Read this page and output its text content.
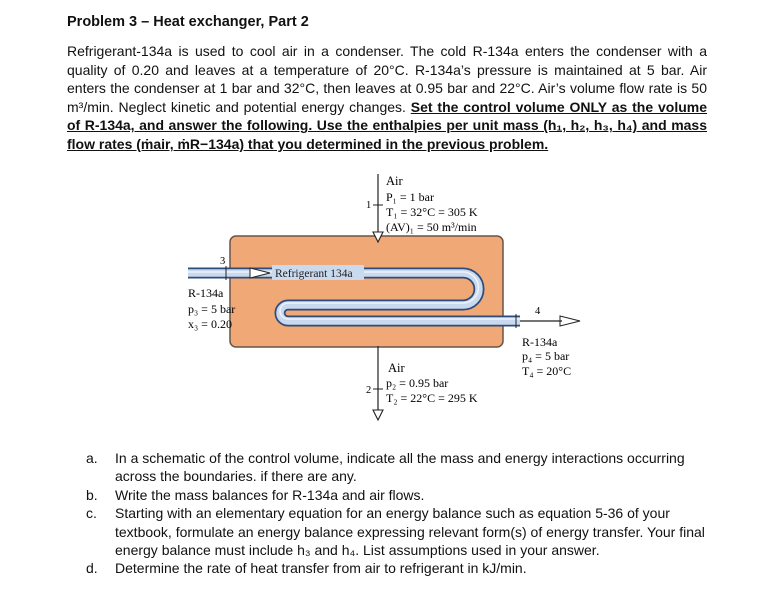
Problem 3 – Heat exchanger, Part 2
Refrigerant-134a is used to cool air in a condenser. The cold R-134a enters the condenser with a quality of 0.20 and leaves at a temperature of 20°C. R-134a’s pressure is maintained at 5 bar. Air enters the condenser at 1 bar and 32°C, then leaves at 0.95 bar and 22°C. Air’s volume flow rate is 50 m³/min. Neglect kinetic and potential energy changes. Set the control volume ONLY as the volume of R-134a, and answer the following. Use the enthalpies per unit mass (h₁, h₂, h₃, h₄) and mass flow rates (ṁair, ṁR−134a) that you determined in the previous problem.
Refrigerant 134a
Air
1
P₁ = 1 bar
T₁ = 32°C = 305 K
(AV)₁ = 50 m³/min
3
R-134a
p₃ = 5 bar
x₃ = 0.20
4
R-134a
p₄ = 5 bar
T₄ = 20°C
Air
2
p₂ = 0.95 bar
T₂ = 22°C = 295 K

a. In a schematic of the control volume, indicate all the mass and energy interactions occurring across the boundaries. if there are any.

b. Write the mass balances for R-134a and air flows.

c. Starting with an elementary equation for an energy balance such as equation 5-36 of your textbook, formulate an energy balance expressing relevant form(s) of energy transfer. Your final energy balance must include h₃ and h₄. List assumptions used in your answer.

d. Determine the rate of heat transfer from air to refrigerant in kJ/min.
